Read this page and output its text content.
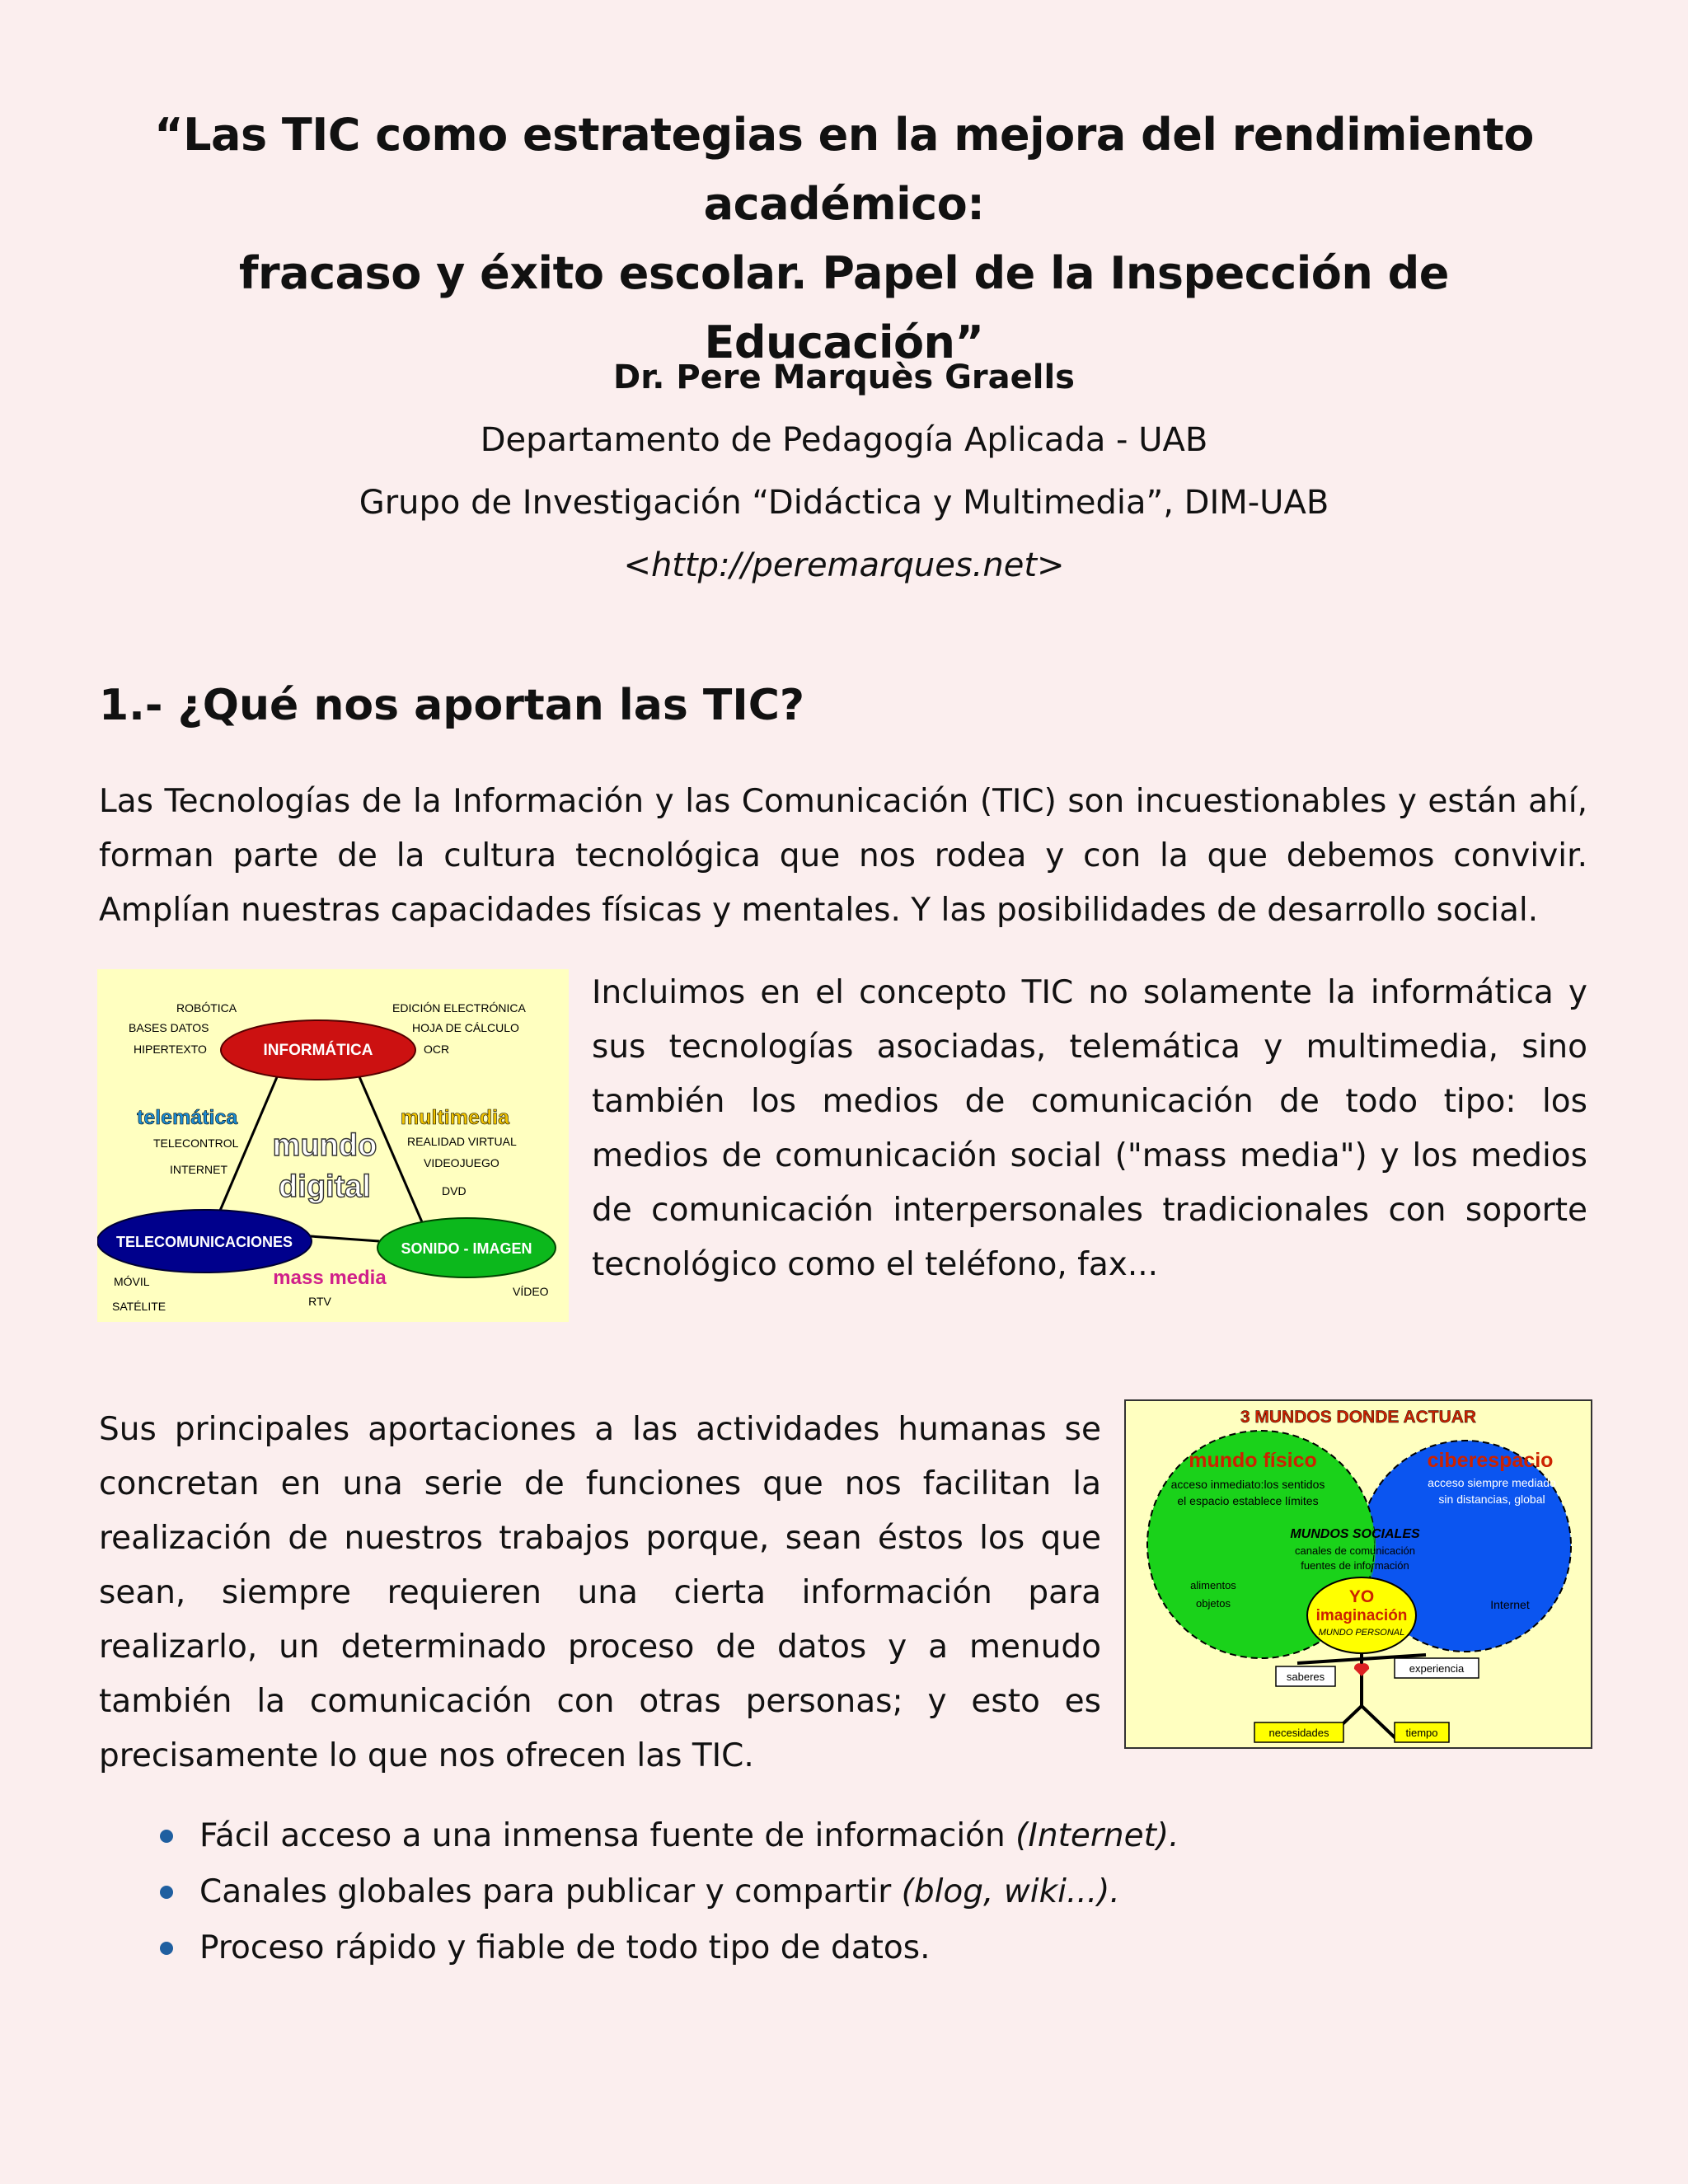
“Las TIC como estrategias en la mejora del rendimiento académico:
fracaso y éxito escolar. Papel de la Inspección de Educación”
Dr. Pere Marquès Graells
Departamento de Pedagogía Aplicada - UAB
Grupo de Investigación “Didáctica y Multimedia”, DIM-UAB
<http://peremarques.net>
1.- ¿Qué nos aportan las TIC?
Las Tecnologías de la Información y las Comunicación (TIC) son incuestionables y están ahí, forman parte de la cultura tecnológica que nos rodea y con la que debemos convivir. Amplían nuestras capacidades físicas y mentales. Y las posibilidades de desarrollo social.
ROBÓTICA
BASES DATOS
HIPERTEXTO
EDICIÓN ELECTRÓNICA
HOJA DE CÁLCULO
OCR
INFORMÁTICA
telemática
TELECONTROL
INTERNET
multimedia
REALIDAD VIRTUAL
VIDEOJUEGO
DVD
mundo
digital
TELECOMUNICACIONES	SONIDO - IMAGEN
MÓVIL
SATÉLITE
mass media
RTV
VÍDEO
Incluimos en el concepto TIC no solamente la informática y sus tecnologías asociadas, telemática y multimedia, sino también los medios de comunicación de todo tipo: los medios de comunicación social ("mass media") y los medios de comunicación interpersonales tradicionales con soporte tecnológico como el teléfono, fax...
Sus principales aportaciones a las actividades humanas se concretan en una serie de funciones que nos facilitan la realización de nuestros trabajos porque, sean éstos los que sean, siempre requieren una cierta información para realizarlo, un determinado proceso de datos y a menudo también la comunicación con otras personas; y esto es precisamente lo que nos ofrecen las TIC.
3 MUNDOS DONDE ACTUAR
mundo físico
acceso inmediato:los sentidos
el espacio establece límites
ciberespacio
acceso siempre mediado
sin distancias, global
MUNDOS SOCIALES
canales de comunicación
fuentes de información
alimentos
objetos	Internet
YO
imaginación
MUNDO PERSONAL
saberes
experiencia
necesidades	tiempo
Fácil acceso a una inmensa fuente de información (Internet).
Canales globales para publicar y compartir (blog, wiki...).
Proceso rápido y fiable de todo tipo de datos.
